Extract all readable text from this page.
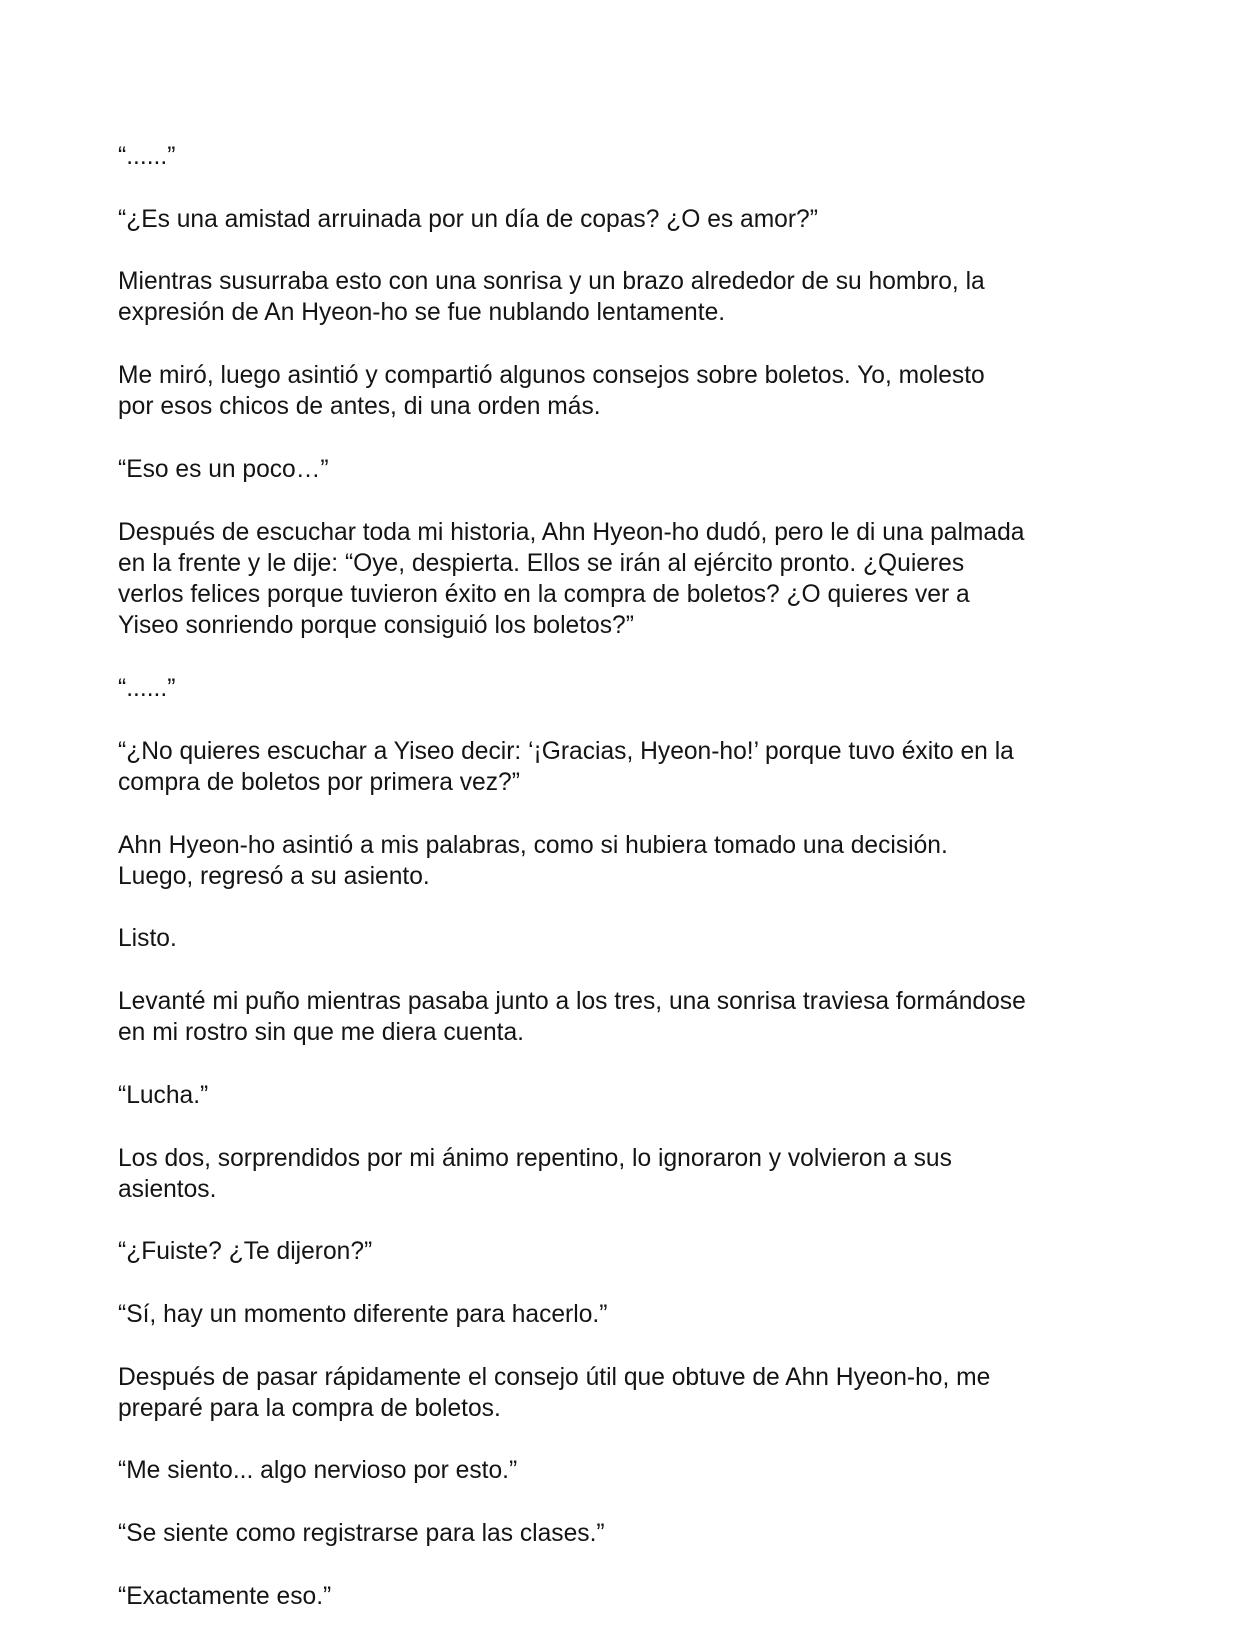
“......”

“¿Es una amistad arruinada por un día de copas? ¿O es amor?”

Mientras susurraba esto con una sonrisa y un brazo alrededor de su hombro, la
expresión de An Hyeon-ho se fue nublando lentamente.

Me miró, luego asintió y compartió algunos consejos sobre boletos. Yo, molesto
por esos chicos de antes, di una orden más.

“Eso es un poco…”

Después de escuchar toda mi historia, Ahn Hyeon-ho dudó, pero le di una palmada
en la frente y le dije: “Oye, despierta. Ellos se irán al ejército pronto. ¿Quieres
verlos felices porque tuvieron éxito en la compra de boletos? ¿O quieres ver a
Yiseo sonriendo porque consiguió los boletos?”

“......”

“¿No quieres escuchar a Yiseo decir: ‘¡Gracias, Hyeon-ho!’ porque tuvo éxito en la
compra de boletos por primera vez?”

Ahn Hyeon-ho asintió a mis palabras, como si hubiera tomado una decisión.
Luego, regresó a su asiento.

Listo.

Levanté mi puño mientras pasaba junto a los tres, una sonrisa traviesa formándose
en mi rostro sin que me diera cuenta.

“Lucha.”

Los dos, sorprendidos por mi ánimo repentino, lo ignoraron y volvieron a sus
asientos.

“¿Fuiste? ¿Te dijeron?”

“Sí, hay un momento diferente para hacerlo.”

Después de pasar rápidamente el consejo útil que obtuve de Ahn Hyeon-ho, me
preparé para la compra de boletos.

“Me siento... algo nervioso por esto.”

“Se siente como registrarse para las clases.”

“Exactamente eso.”
